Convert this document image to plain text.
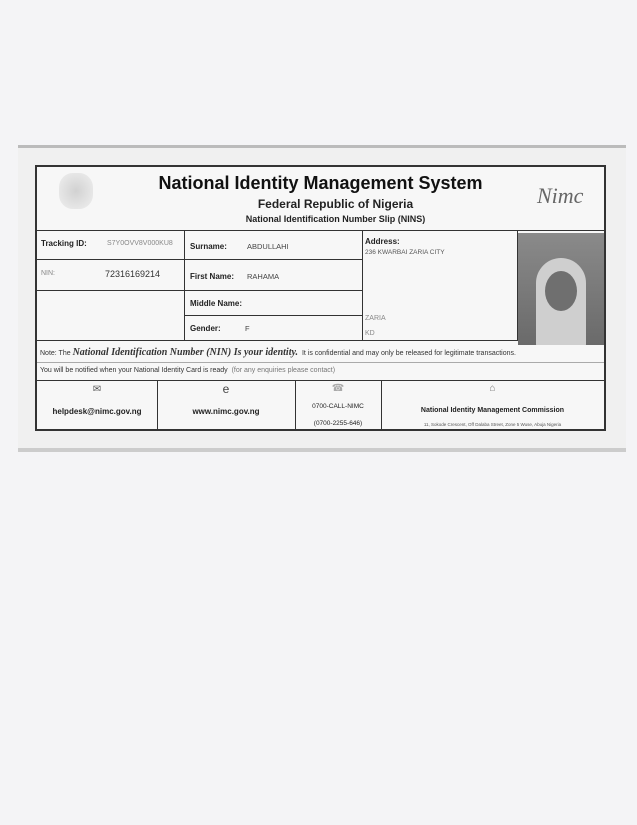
National Identity Management System
Federal Republic of Nigeria
National Identification Number Slip (NINS)
Nimc
Tracking ID:	S7Y0OVV8V000KU8
NIN:	72316169214
Surname:	ABDULLAHI
First Name: RAHAMA
Middle Name:
Gender:	F
Address:
236 KWARBAI ZARIA CITY
ZARIA
KD
Note: The National Identification Number (NIN) Is your identity. It is confidential and may only be released for legitimate transactions.
You will be notified when your National Identity Card is ready (for any enquiries please contact)
✉
helpdesk@nimc.gov.ng
e
www.nimc.gov.ng
☎
0700-CALL-NIMC
(0700-2255-646)
⌂
National Identity Management Commission
11, Sokode Crescent, Off Dalaba Street, Zone 5 Wuse, Abuja Nigeria
